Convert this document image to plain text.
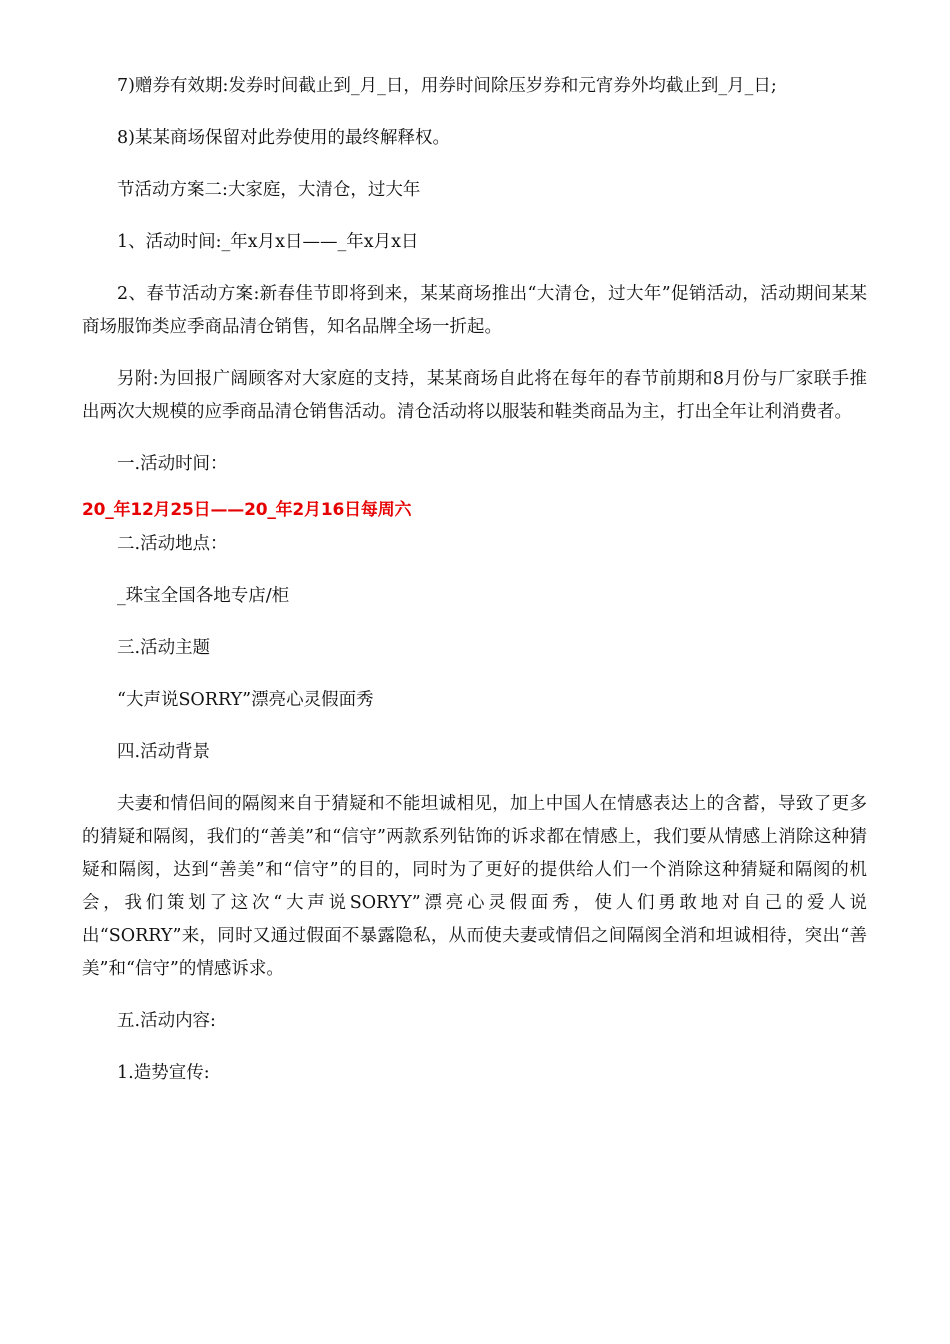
7)赠券有效期:发券时间截止到_月_日，用券时间除压岁券和元宵券外均截止到_月_日;

8)某某商场保留对此券使用的最终解释权。

节活动方案二:大家庭，大清仓，过大年

1、活动时间:_年x月x日——_年x月x日

2、春节活动方案:新春佳节即将到来，某某商场推出“大清仓，过大年”促销活动，活动期间某某商场服饰类应季商品清仓销售，知名品牌全场一折起。

另附:为回报广阔顾客对大家庭的支持，某某商场自此将在每年的春节前期和8月份与厂家联手推出两次大规模的应季商品清仓销售活动。清仓活动将以服装和鞋类商品为主，打出全年让利消费者。

一.活动时间：

20_年12月25日——20_年2月16日每周六

二.活动地点：

_珠宝全国各地专店/柜

三.活动主题

“大声说SORRY”漂亮心灵假面秀

四.活动背景

夫妻和情侣间的隔阂来自于猜疑和不能坦诚相见，加上中国人在情感表达上的含蓄，导致了更多的猜疑和隔阂，我们的“善美”和“信守”两款系列钻饰的诉求都在情感上，我们要从情感上消除这种猜疑和隔阂，达到“善美”和“信守”的目的，同时为了更好的提供给人们一个消除这种猜疑和隔阂的机会，我们策划了这次“大声说SORYY”漂亮心灵假面秀，使人们勇敢地对自己的爱人说出“SORRY”来，同时又通过假面不暴露隐私，从而使夫妻或情侣之间隔阂全消和坦诚相待，突出“善美”和“信守”的情感诉求。

五.活动内容:

1.造势宣传:
